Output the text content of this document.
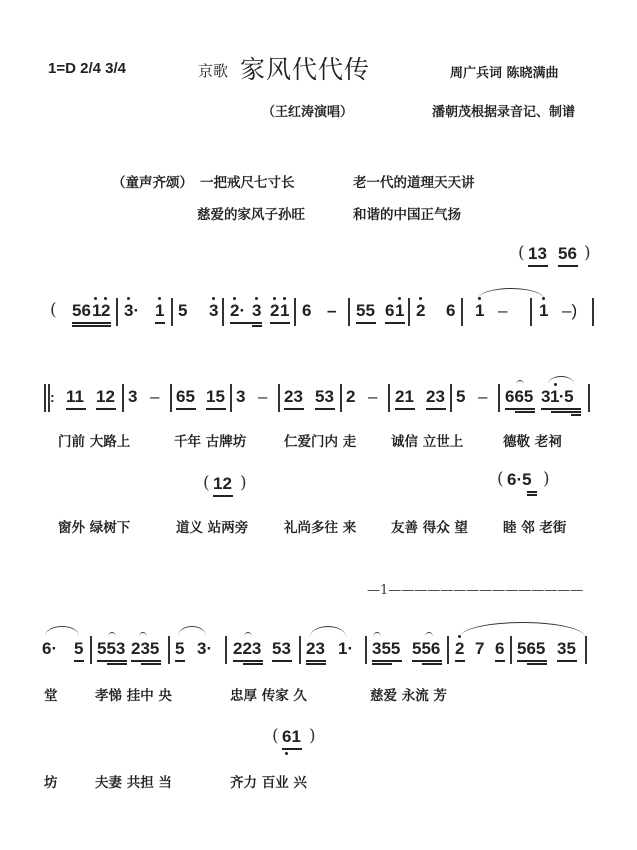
1=D 2/4 3/4	京歌 家风代代传	周广兵词 陈晓满曲
（王红涛演唱）	潘朝茂根据录音记、制谱
（童声齐颂） 一把戒尺七寸长	老一代的道理天天讲
慈爱的家风子孙旺	和谐的中国正气扬
( 13 56 )
( 56 1 2 3· 1 5 3 2· 3 2 1 6 – 55 6 1 2 6 1 – 1 –)
: 11 12 3 – 65 15 3 – 23 53 2 – 21 23 5 – 665 31·5
门前 大路上	千年 古牌坊	仁爱门内 走	诚信 立世上	德敬 老祠
( 12 )	( 6·5 )
窗外 绿树下	道义 站两旁	礼尚多往 来	友善 得众 望	睦 邻 老街
—1———————————————
6· 5 553 235 5 3· 223 53 23 1· 355 556 2 7 6 565 35
堂	孝悌 挂中 央	忠厚 传家 久	慈爱 永流 芳
( 61 )
坊	夫妻 共担 当	齐力 百业 兴
